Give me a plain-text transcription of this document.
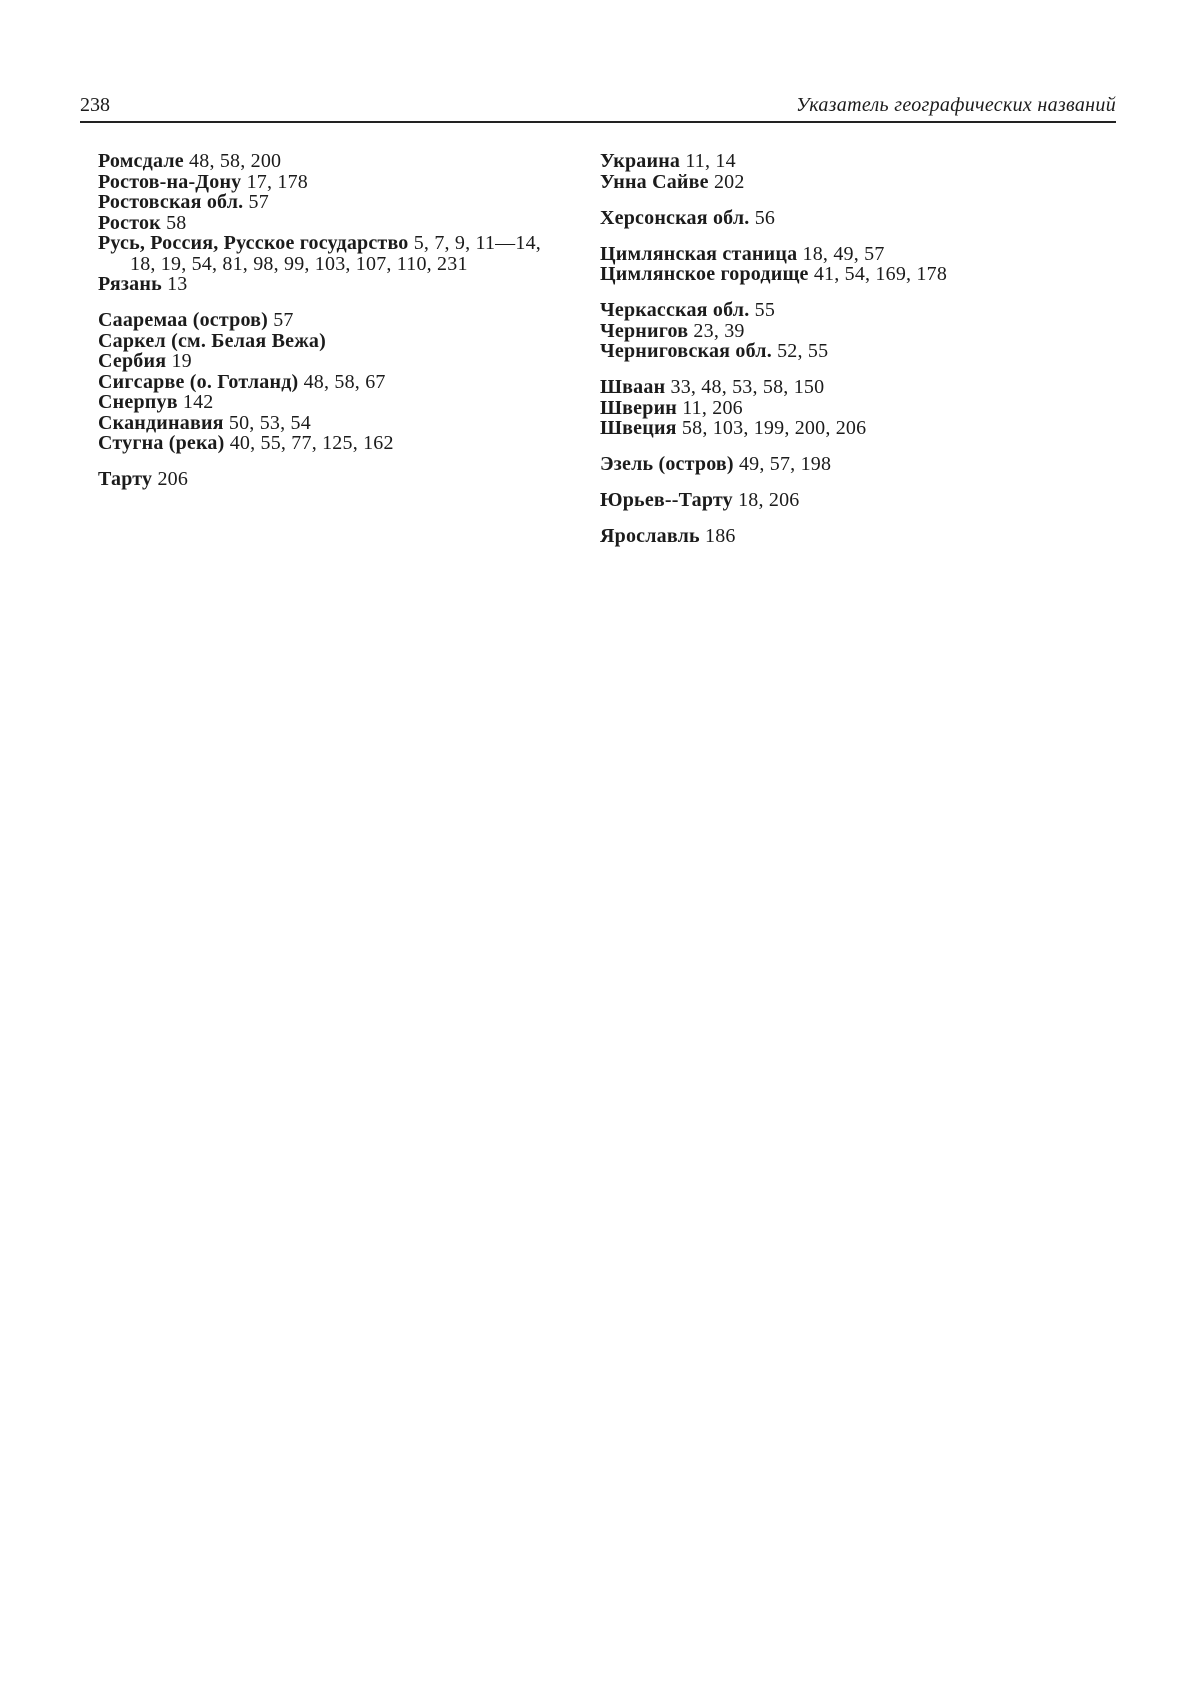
238	Указатель географических названий
Ромсдале 48, 58, 200
Ростов-на-Дону 17, 178
Ростовская обл. 57
Росток 58
Русь, Россия, Русское государство 5, 7, 9, 11—14, 18, 19, 54, 81, 98, 99, 103, 107, 110, 231
Рязань 13
Сааремаа (остров) 57
Саркел (см. Белая Вежа)
Сербия 19
Сигсарве (о. Готланд) 48, 58, 67
Снерпув 142
Скандинавия 50, 53, 54
Стугна (река) 40, 55, 77, 125, 162
Тарту 206
Украина 11, 14
Унна Сайве 202
Херсонская обл. 56
Цимлянская станица 18, 49, 57
Цимлянское городище 41, 54, 169, 178
Черкасская обл. 55
Чернигов 23, 39
Черниговская обл. 52, 55
Шваан 33, 48, 53, 58, 150
Шверин 11, 206
Швеция 58, 103, 199, 200, 206
Эзель (остров) 49, 57, 198
Юрьев--Тарту 18, 206
Ярославль 186
